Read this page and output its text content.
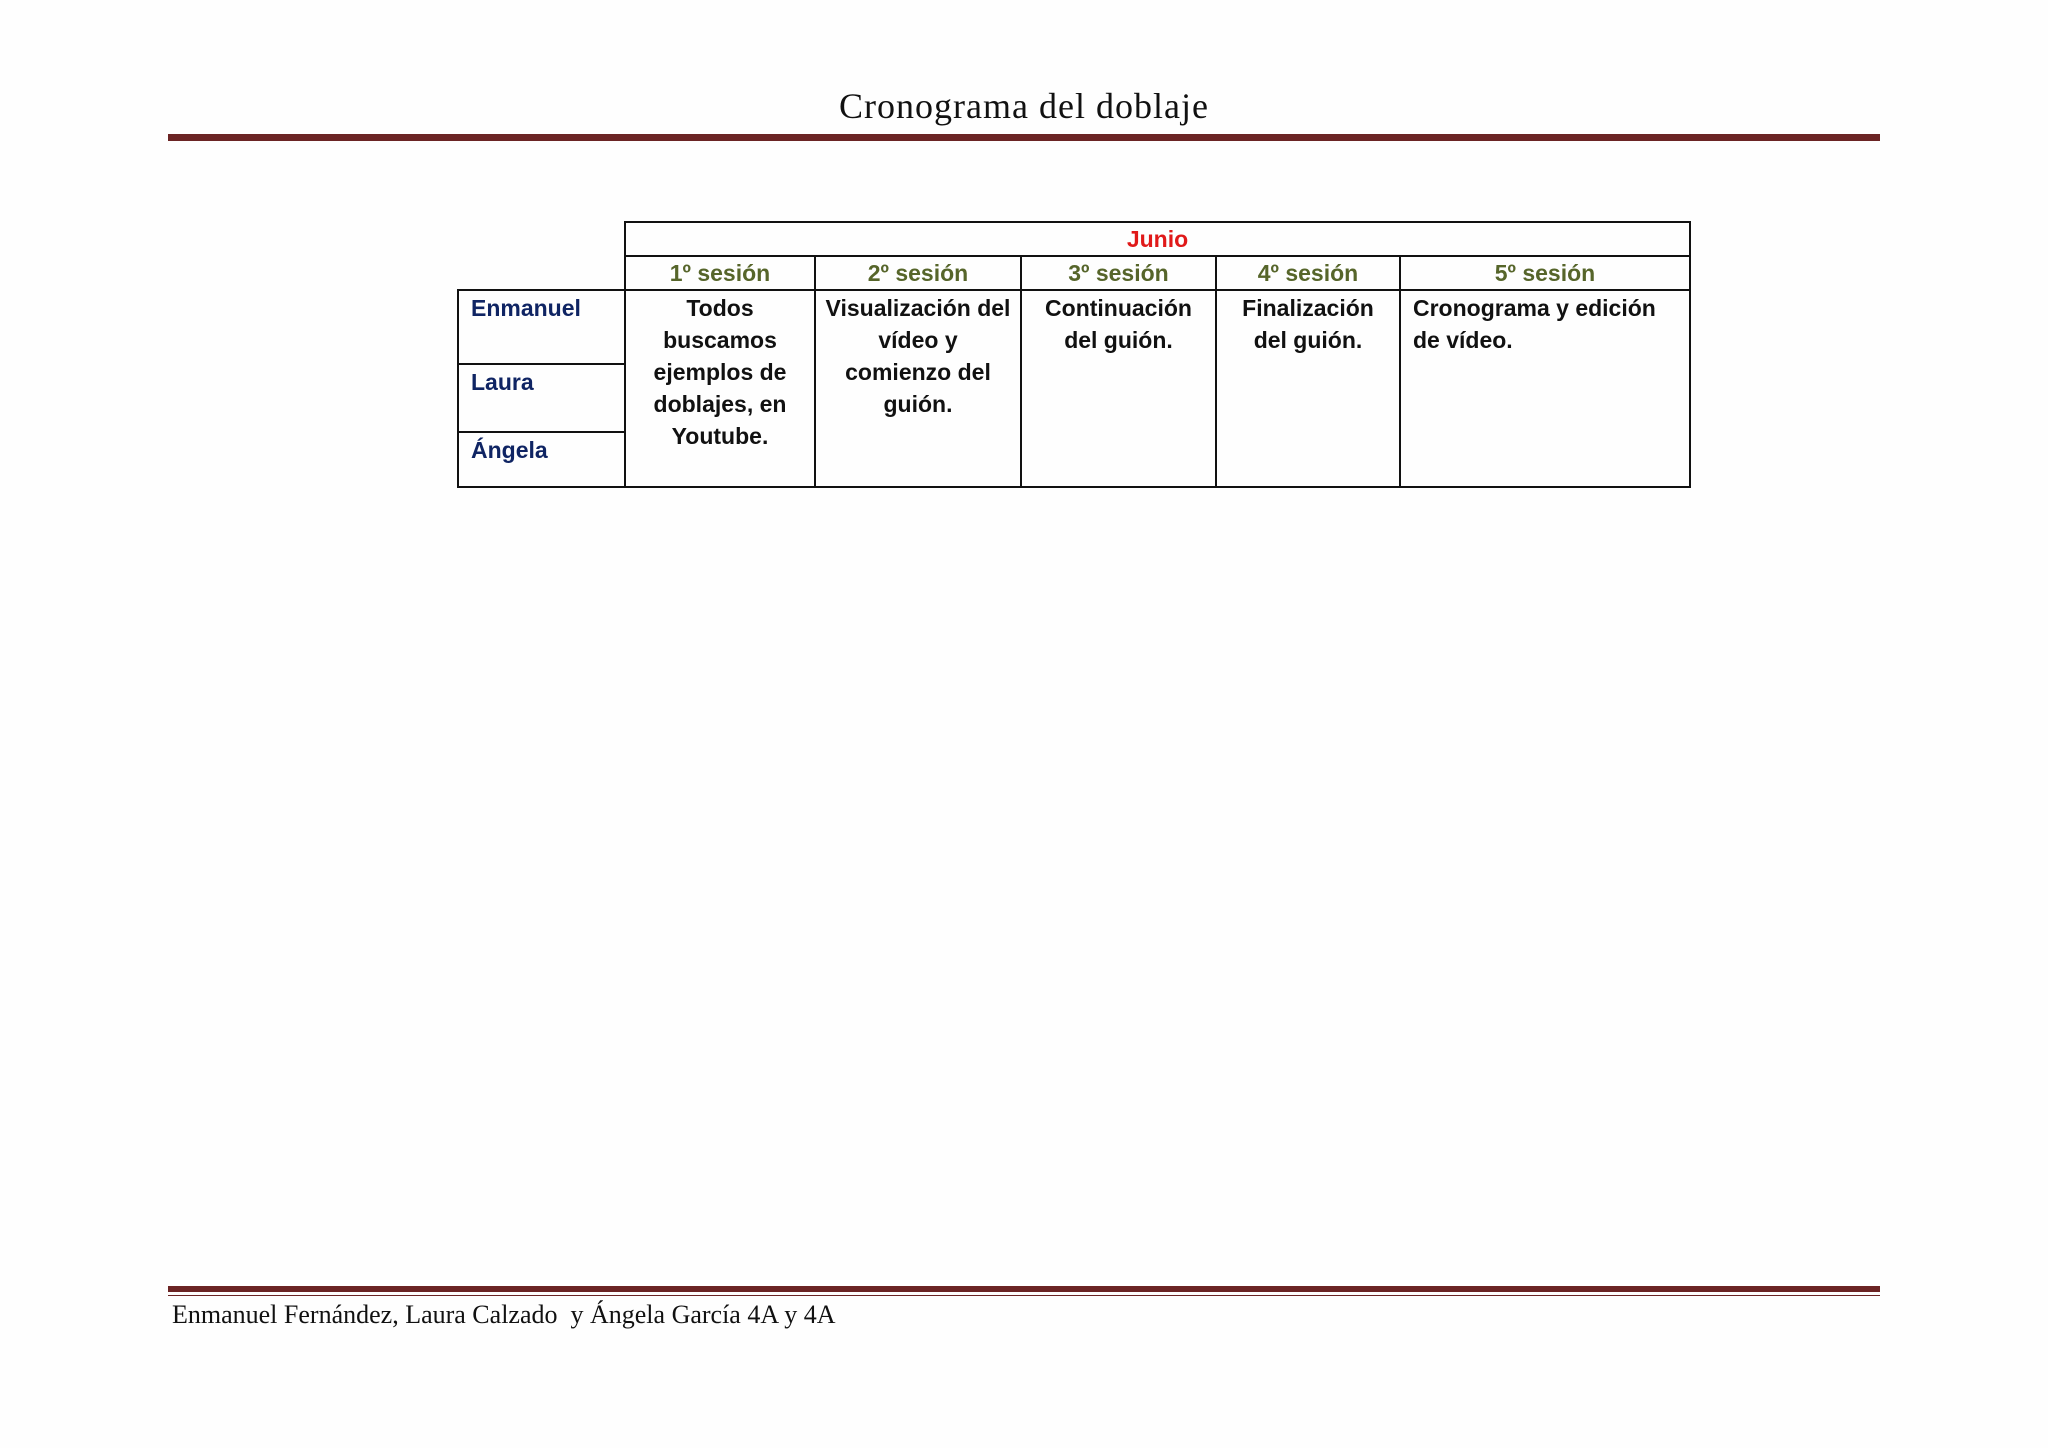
Cronograma del doblaje
	Junio				
	1º sesión	2º sesión	3º sesión	4º sesión	5º sesión
Enmanuel	Todos buscamos ejemplos de doblajes, en Youtube.	Visualización del vídeo y comienzo del guión.	Continuación del guión.	Finalización del guión.	Cronograma y edición de vídeo.
Laura					
Ángela					
Enmanuel Fernández, Laura Calzado  y Ángela García 4A y 4A
